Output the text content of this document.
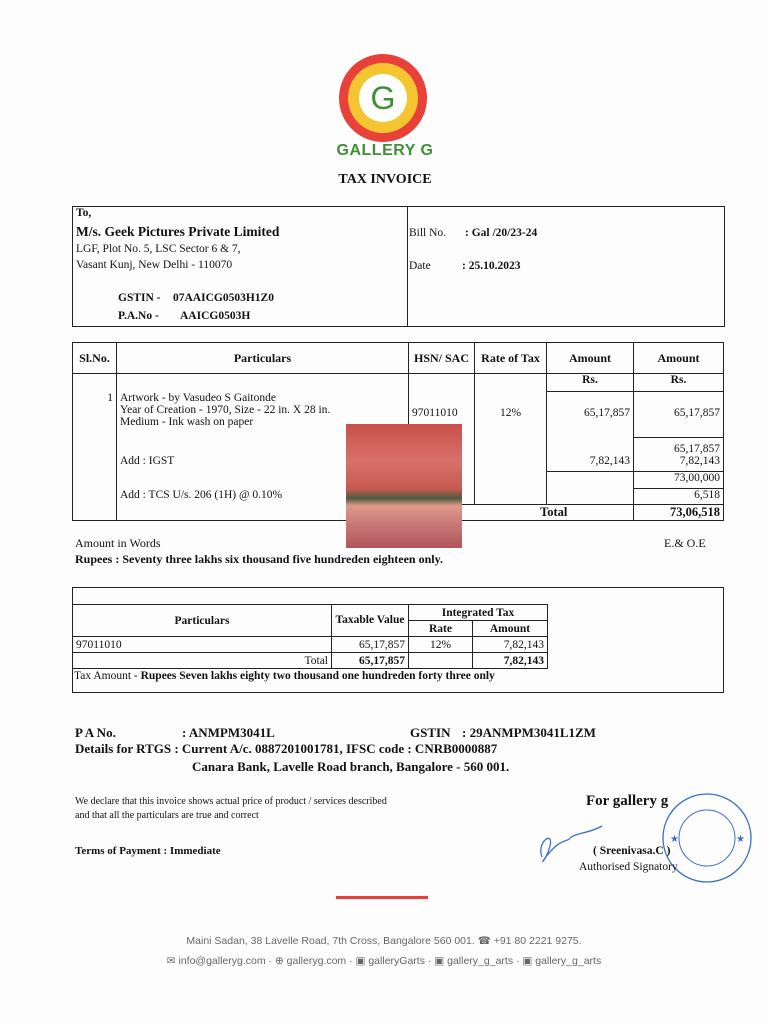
G
GALLERY G
TAX INVOICE
To,
M/s. Geek Pictures Private Limited
LGF, Plot No. 5, LSC Sector 6 & 7,
Vasant Kunj, New Delhi - 110070
GSTIN - 07AAICG0503H1Z0
P.A.No - AAICG0503H
Bill No. : Gal /20/23-24
Date	: 25.10.2023
Sl.No.	Particulars	HSN/ SAC	Rate of Tax	Amount	Amount
				Rs.	Rs.
1	Artwork - by Vasudeo S Gaitonde
Year of Creation - 1970, Size - 22 in. X 28 in.
Medium - Ink wash on paper	97011010	12%	65,17,857	65,17,857
					65,17,857
	Add : IGST			7,82,143	7,82,143
					73,00,000
	Add : TCS U/s. 206 (1H) @ 0.10%				6,518
			Total		73,06,518
Amount in Words	E.& O.E
Rupees : Seventy three lakhs six thousand five hundreden eighteen only.
Particulars	Taxable Value	Integrated Tax	
		Rate	Amount
97011010	65,17,857	12%	7,82,143
Total	65,17,857		7,82,143
Tax Amount - Rupees Seven lakhs eighty two thousand one hundreden forty three only
P A No.	: ANMPM3041L	GSTIN : 29ANMPM3041L1ZM
Details for RTGS : Current A/c. 0887201001781, IFSC code : CNRB0000887
Canara Bank, Lavelle Road branch, Bangalore - 560 001.
We declare that this invoice shows actual price of product / services described
and that all the particulars are true and correct
Terms of Payment : Immediate
For gallery g
★
★
( Sreenivasa.C )
Authorised Signatory
Maini Sadan, 38 Lavelle Road, 7th Cross, Bangalore 560 001. ☎ +91 80 2221 9275.
✉ info@galleryg.com · ⊕ galleryg.com · ▣ galleryGarts · ▣ gallery_g_arts · ▣ gallery_g_arts
